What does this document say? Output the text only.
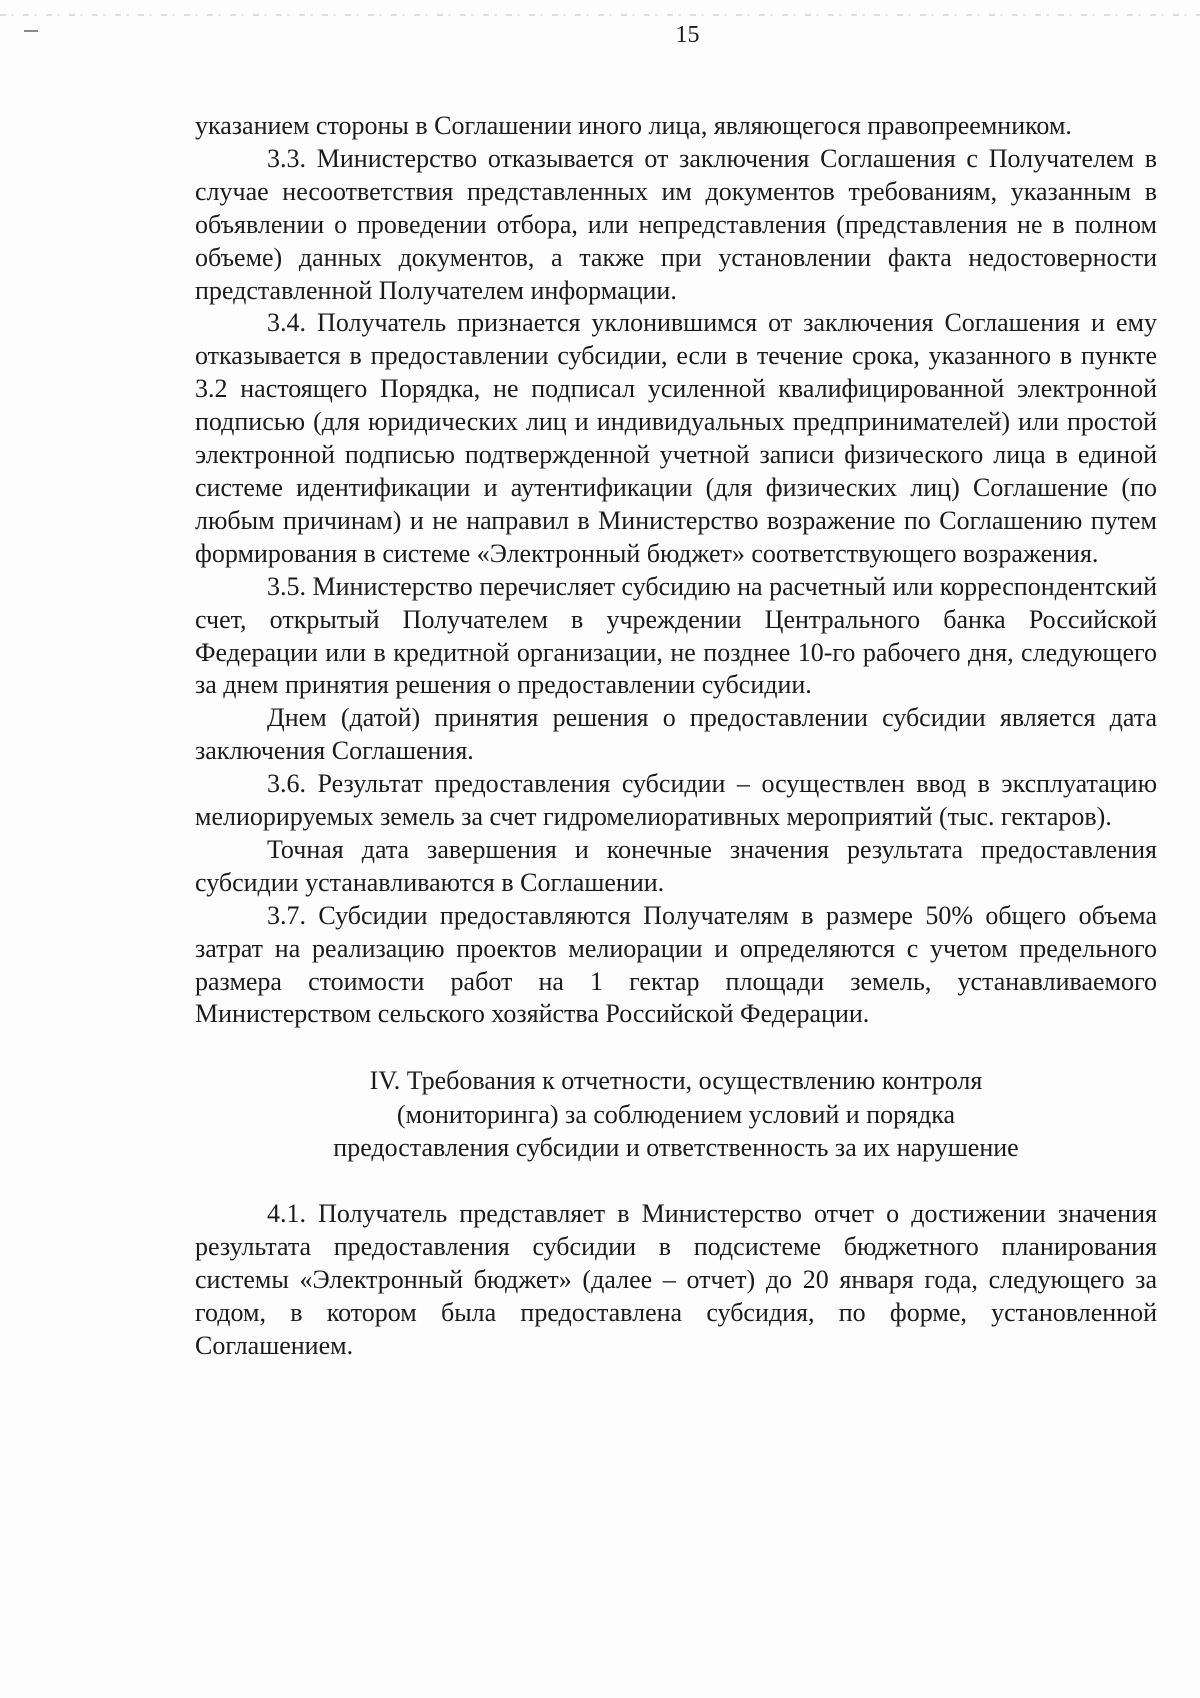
15

указанием стороны в Соглашении иного лица, являющегося правопреемником.

3.3. Министерство отказывается от заключения Соглашения с Получателем в случае несоответствия представленных им документов требованиям, указанным в объявлении о проведении отбора, или непредставления (представления не в полном объеме) данных документов, а также при установлении факта недостоверности представленной Получателем информации.

3.4. Получатель признается уклонившимся от заключения Соглашения и ему отказывается в предоставлении субсидии, если в течение срока, указанного в пункте 3.2 настоящего Порядка, не подписал усиленной квалифицированной электронной подписью (для юридических лиц и индивидуальных предпринимателей) или простой электронной подписью подтвержденной учетной записи физического лица в единой системе идентификации и аутентификации (для физических лиц) Соглашение (по любым причинам) и не направил в Министерство возражение по Соглашению путем формирования в системе «Электронный бюджет» соответствующего возражения.

3.5. Министерство перечисляет субсидию на расчетный или корреспондентский счет, открытый Получателем в учреждении Центрального банка Российской Федерации или в кредитной организации, не позднее 10-го рабочего дня, следующего за днем принятия решения о предоставлении субсидии.

Днем (датой) принятия решения о предоставлении субсидии является дата заключения Соглашения.

3.6. Результат предоставления субсидии – осуществлен ввод в эксплуатацию мелиорируемых земель за счет гидромелиоративных мероприятий (тыс. гектаров).

Точная дата завершения и конечные значения результата предоставления субсидии устанавливаются в Соглашении.

3.7. Субсидии предоставляются Получателям в размере 50% общего объема затрат на реализацию проектов мелиорации и определяются с учетом предельного размера стоимости работ на 1 гектар площади земель, устанавливаемого Министерством сельского хозяйства Российской Федерации.

IV. Требования к отчетности, осуществлению контроля
(мониторинга) за соблюдением условий и порядка
предоставления субсидии и ответственность за их нарушение

4.1. Получатель представляет в Министерство отчет о достижении значения результата предоставления субсидии в подсистеме бюджетного планирования системы «Электронный бюджет» (далее – отчет) до 20 января года, следующего за годом, в котором была предоставлена субсидия, по форме, установленной Соглашением.
